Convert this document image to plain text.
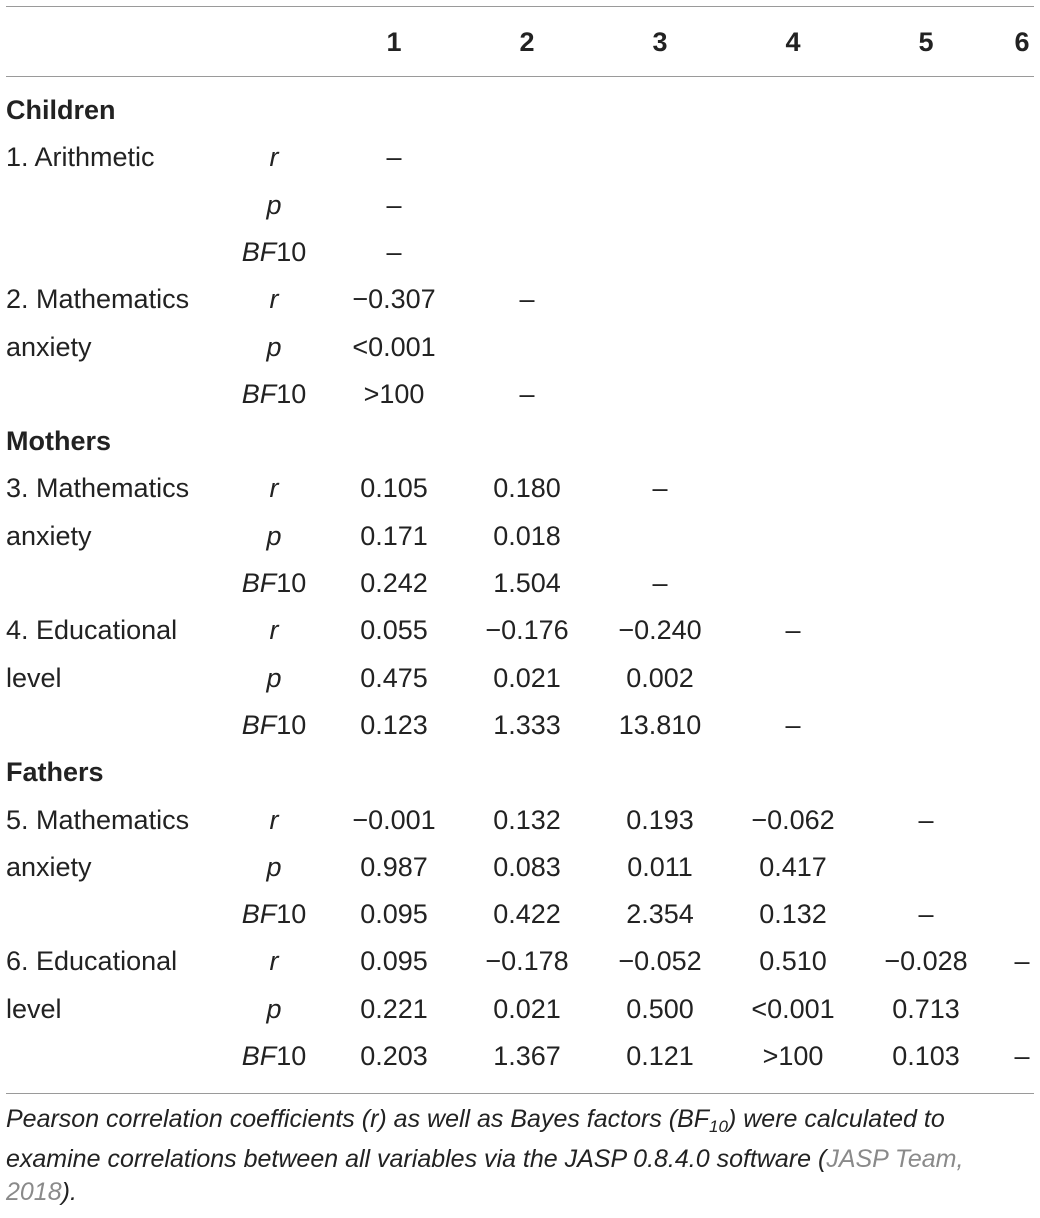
1	2	3	4	5	6
Children
1. Arithmetic	r	–
p	–
BF10	–
2. Mathematics	r	−0.307	–
anxiety	p	<0.001
BF10	>100	–
Mothers
3. Mathematics	r	0.105	0.180	–
anxiety	p	0.171	0.018
BF10	0.242	1.504	–
4. Educational	r	0.055	−0.176	−0.240	–
level	p	0.475	0.021	0.002
BF10	0.123	1.333	13.810	–
Fathers
5. Mathematics	r	−0.001	0.132	0.193	−0.062	–
anxiety	p	0.987	0.083	0.011	0.417
BF10	0.095	0.422	2.354	0.132	–
6. Educational	r	0.095	−0.178	−0.052	0.510	−0.028	–
level	p	0.221	0.021	0.500	<0.001	0.713
BF10	0.203	1.367	0.121	>100	0.103	–
Pearson correlation coefficients (r) as well as Bayes factors $(BF_{10})$ were calculated to examine correlations between all variables via the JASP 0.8.4.0 software (JASP Team, 2018).
